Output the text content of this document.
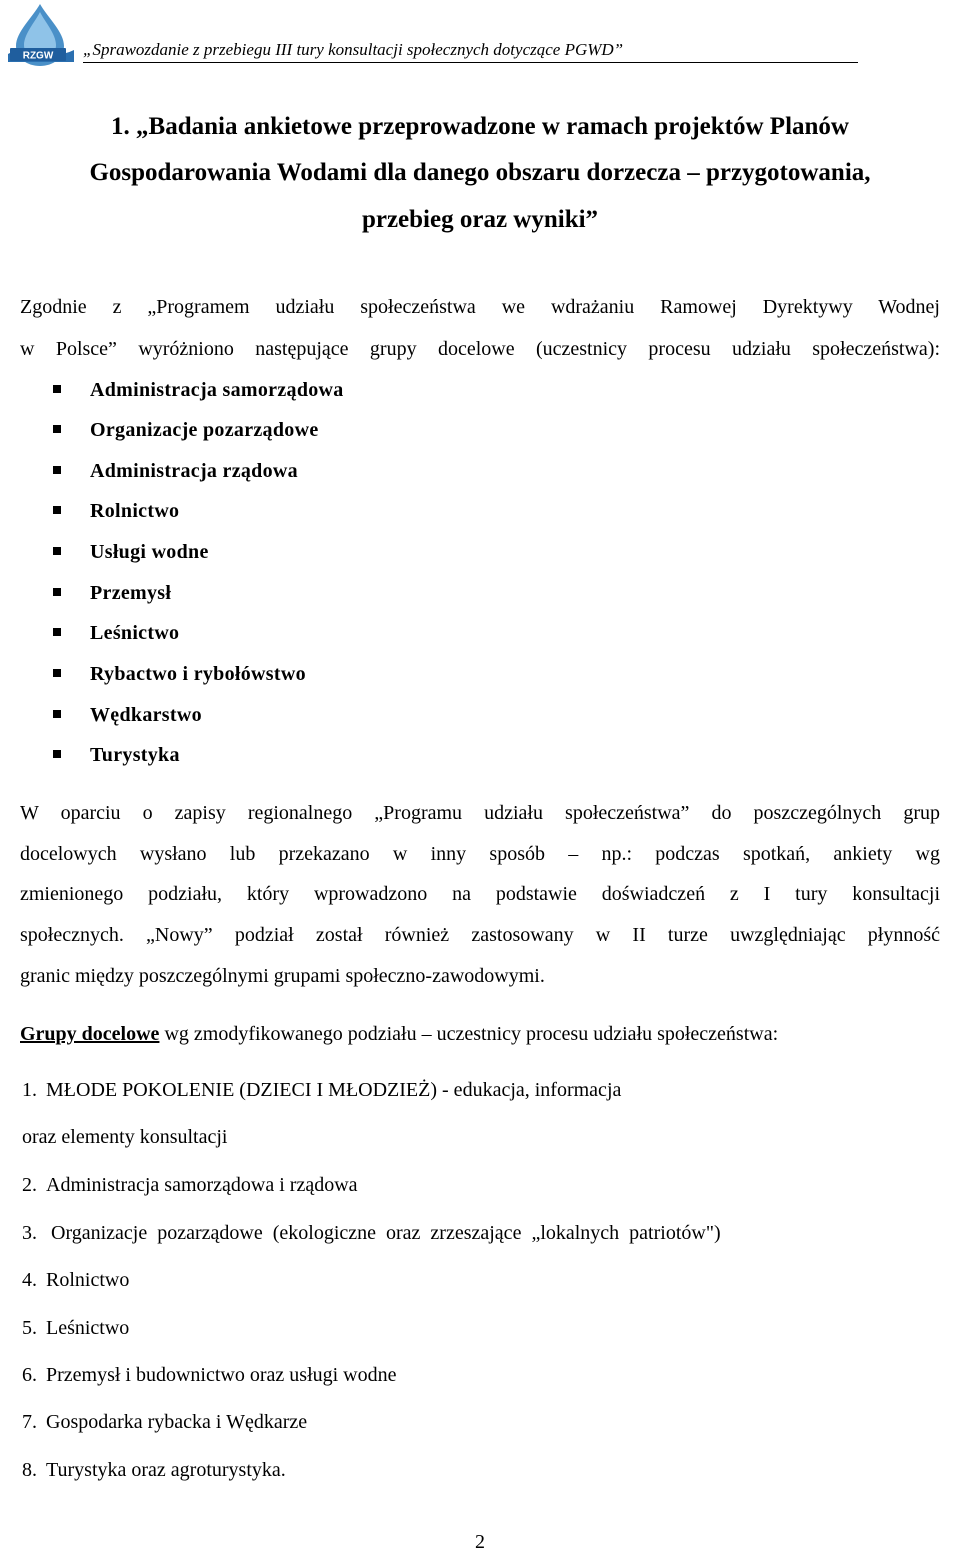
RZGW „Sprawozdanie z przebiegu III tury konsultacji społecznych dotyczące PGWD”
1. „Badania ankietowe przeprowadzone w ramach projektów Planów
Gospodarowania Wodami dla danego obszaru dorzecza – przygotowania,
przebieg oraz wyniki”
Zgodnie z „Programem udziału społeczeństwa we wdrażaniu Ramowej Dyrektywy Wodnej
w Polsce” wyróżniono następujące grupy docelowe (uczestnicy procesu udziału społeczeństwa):
Administracja samorządowa
Organizacje pozarządowe
Administracja rządowa
Rolnictwo
Usługi wodne
Przemysł
Leśnictwo
Rybactwo i rybołówstwo
Wędkarstwo
Turystyka
W oparciu o zapisy regionalnego „Programu udziału społeczeństwa” do poszczególnych grup
docelowych wysłano lub przekazano w inny sposób – np.: podczas spotkań, ankiety wg
zmienionego podziału, który wprowadzono na podstawie doświadczeń z I tury konsultacji
społecznych. „Nowy” podział został również zastosowany w II turze uwzględniając płynność
granic między poszczególnymi grupami społeczno-zawodowymi.
Grupy docelowe wg zmodyfikowanego podziału – uczestnicy procesu udziału społeczeństwa:
1. MŁODE POKOLENIE (DZIECI I MŁODZIEŻ) - edukacja, informacja
oraz elementy konsultacji
2. Administracja samorządowa i rządowa
3. Organizacje pozarządowe (ekologiczne oraz zrzeszające „lokalnych patriotów")
4. Rolnictwo
5. Leśnictwo
6. Przemysł i budownictwo oraz usługi wodne
7. Gospodarka rybacka i Wędkarze
8. Turystyka oraz agroturystyka.
2
